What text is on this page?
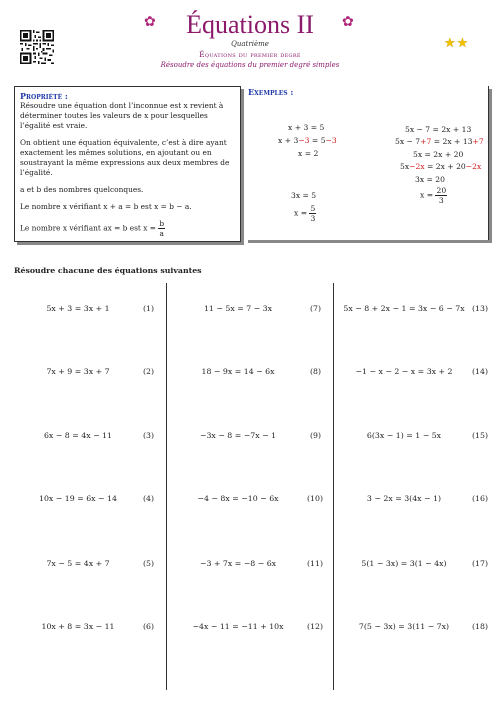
✿	✿
Équations II
Quatrième
Équations du premier degré
Résoudre des équations du premier degré simples
★★
Propriété :

Résoudre une équation dont l’inconnue est x revient à déterminer toutes les valeurs de x pour lesquelles l’égalité est vraie.

On obtient une équation équivalente, c’est à dire ayant exactement les mêmes solutions, en ajoutant ou en soustrayant la même expressions aux deux membres de l’égalité.

a et b des nombres quelconques.

Le nombre x vérifiant x + a = b est x = b − a.

Le nombre x vérifiant ax = b est $x = \frac{b}{a}$

Exemples :
x + 3 = 5
x + 3−3 = 5−3
x = 2
3x = 5
$x = \frac{5}{3}$
5x − 7 = 2x + 13
5x − 7+7 = 2x + 13+7
5x = 2x + 20
5x−2x = 2x + 20−2x
3x = 20
$x = \frac{20}{3}$
Résoudre chacune des équations suivantes
5x + 3 = 3x + 1	(1)
7x + 9 = 3x + 7	(2)
6x − 8 = 4x − 11	(3)
10x − 19 = 6x − 14	(4)
7x − 5 = 4x + 7	(5)
10x + 8 = 3x − 11	(6)
11 − 5x = 7 − 3x	(7)
18 − 9x = 14 − 6x	(8)
−3x − 8 = −7x − 1	(9)
−4 − 8x = −10 − 6x	(10)
−3 + 7x = −8 − 6x	(11)
−4x − 11 = −11 + 10x	(12)
5x − 8 + 2x − 1 = 3x − 6 − 7x (13)
−1 − x − 2 − x = 3x + 2	(14)
6(3x − 1) = 1 − 5x	(15)
3 − 2x = 3(4x − 1)	(16)
5(1 − 3x) = 3(1 − 4x)	(17)
7(5 − 3x) = 3(11 − 7x)	(18)
